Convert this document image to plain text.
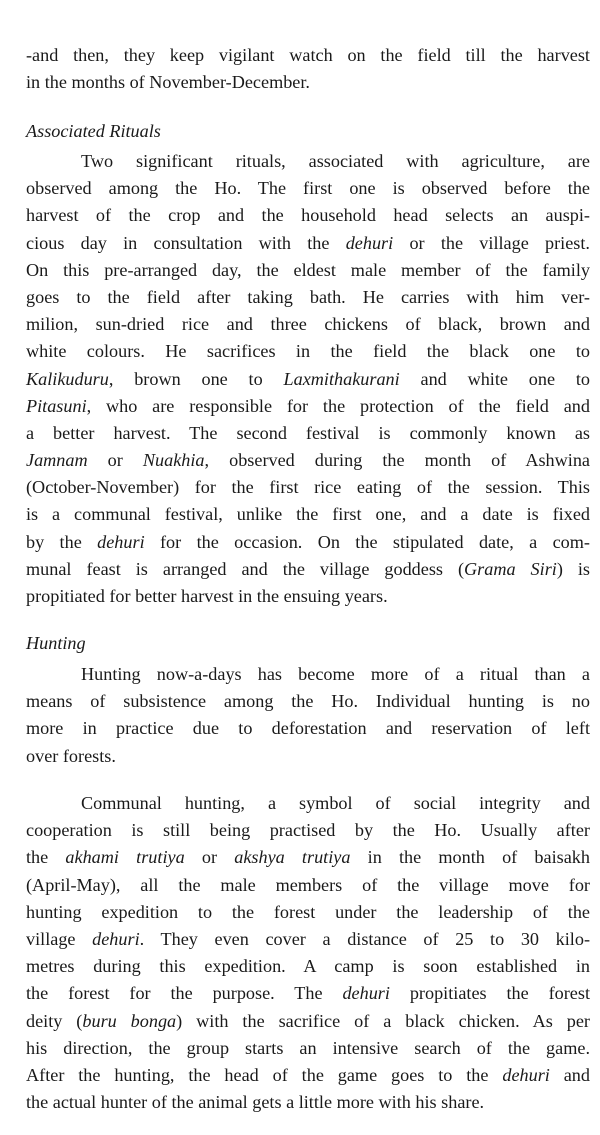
-and then, they keep vigilant watch on the field till the harvest
in the months of November-December.
Associated Rituals
Two significant rituals, associated with agriculture, are
observed among the Ho. The first one is observed before the
harvest of the crop and the household head selects an auspi-
cious day in consultation with the dehuri or the village priest.
On this pre-arranged day, the eldest male member of the family
goes to the field after taking bath. He carries with him ver-
milion, sun-dried rice and three chickens of black, brown and
white colours. He sacrifices in the field the black one to
Kalikuduru, brown one to Laxmithakurani and white one to
Pitasuni, who are responsible for the protection of the field and
a better harvest. The second festival is commonly known as
Jamnam or Nuakhia, observed during the month of Ashwina
(October-November) for the first rice eating of the session. This
is a communal festival, unlike the first one, and a date is fixed
by the dehuri for the occasion. On the stipulated date, a com-
munal feast is arranged and the village goddess (Grama Siri) is
propitiated for better harvest in the ensuing years.
Hunting
Hunting now-a-days has become more of a ritual than a
means of subsistence among the Ho. Individual hunting is no
more in practice due to deforestation and reservation of left
over forests.
Communal hunting, a symbol of social integrity and
cooperation is still being practised by the Ho. Usually after
the akhami trutiya or akshya trutiya in the month of baisakh
(April-May), all the male members of the village move for
hunting expedition to the forest under the leadership of the
village dehuri. They even cover a distance of 25 to 30 kilo-
metres during this expedition. A camp is soon established in
the forest for the purpose. The dehuri propitiates the forest
deity (buru bonga) with the sacrifice of a black chicken. As per
his direction, the group starts an intensive search of the game.
After the hunting, the head of the game goes to the dehuri and
the actual hunter of the animal gets a little more with his share.
